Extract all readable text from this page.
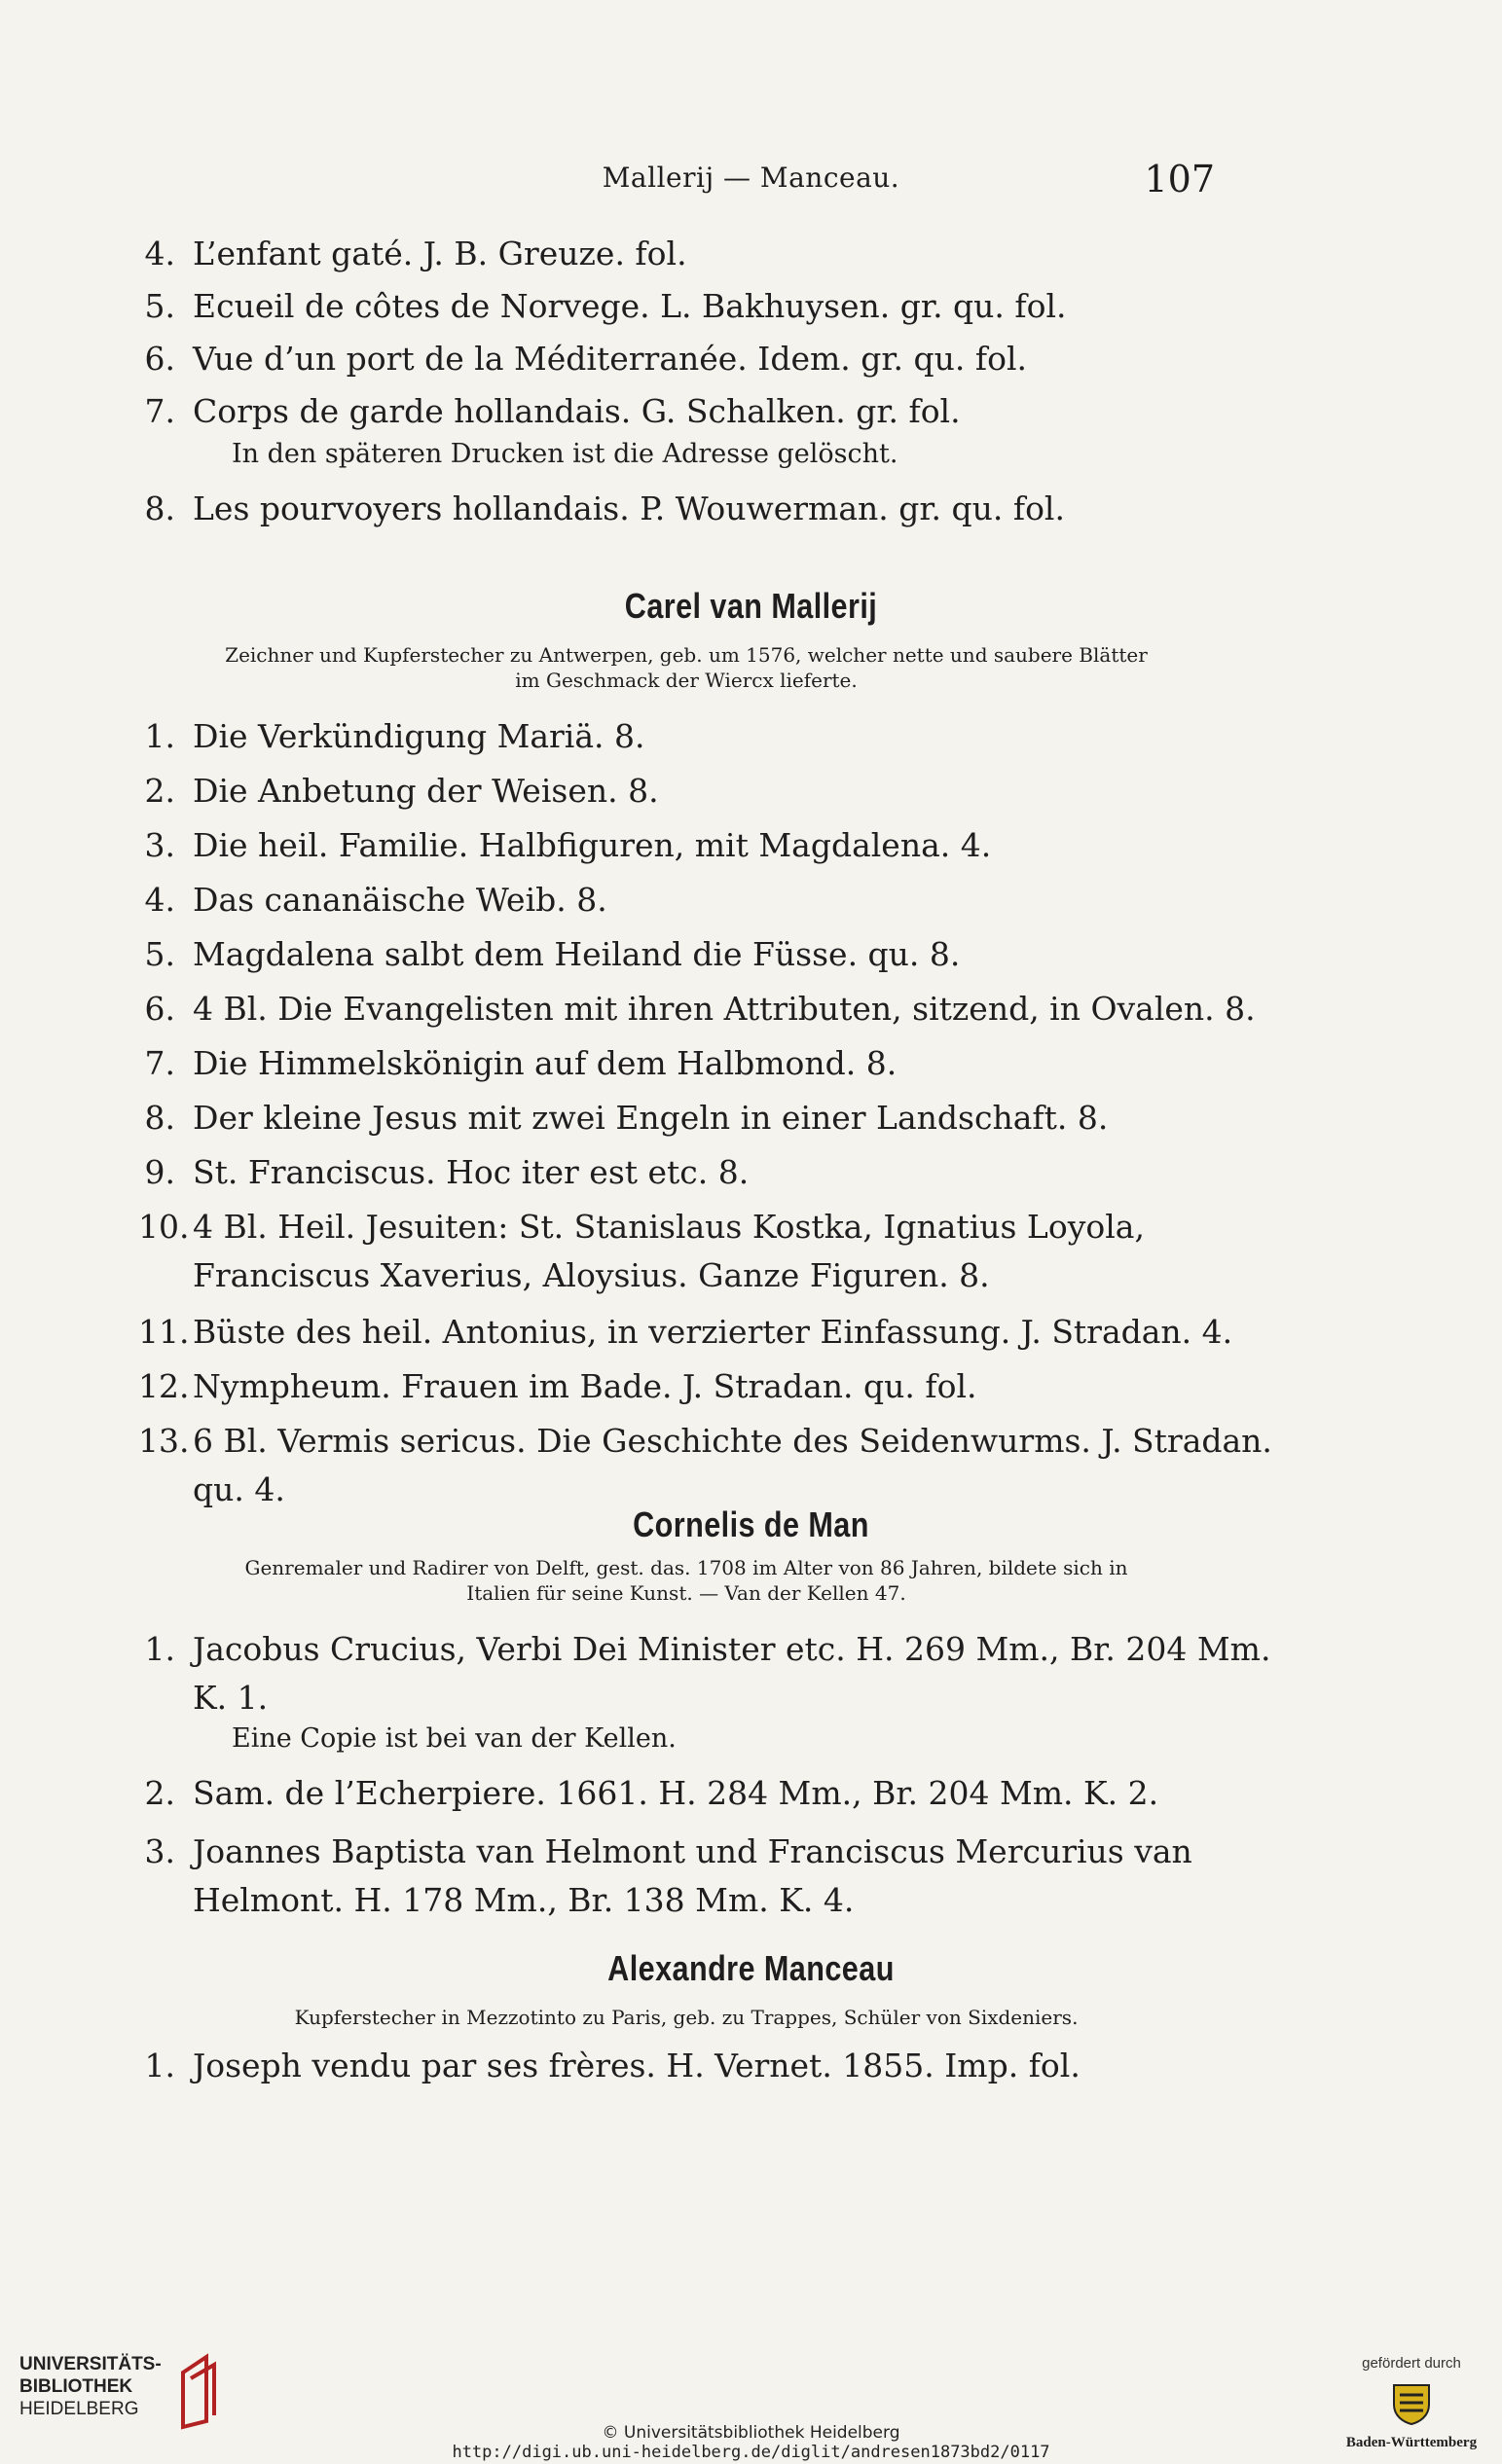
Mallerij — Manceau.	107
4. L’enfant gaté. J. B. Greuze. fol.
5. Ecueil de côtes de Norvege. L. Bakhuysen. gr. qu. fol.
6. Vue d’un port de la Méditerranée. Idem. gr. qu. fol.
7. Corps de garde hollandais. G. Schalken. gr. fol.
In den späteren Drucken ist die Adresse gelöscht.
8. Les pourvoyers hollandais. P. Wouwerman. gr. qu. fol.
Carel van Mallerij
Zeichner und Kupferstecher zu Antwerpen, geb. um 1576, welcher nette und saubere Blätter
im Geschmack der Wiercx lieferte.
1. Die Verkündigung Mariä. 8.
2. Die Anbetung der Weisen. 8.
3. Die heil. Familie. Halbfiguren, mit Magdalena. 4.
4. Das cananäische Weib. 8.
5. Magdalena salbt dem Heiland die Füsse. qu. 8.
6. 4 Bl. Die Evangelisten mit ihren Attributen, sitzend, in Ovalen. 8.
7. Die Himmelskönigin auf dem Halbmond. 8.
8. Der kleine Jesus mit zwei Engeln in einer Landschaft. 8.
9. St. Franciscus. Hoc iter est etc. 8.
10. 4 Bl. Heil. Jesuiten: St. Stanislaus Kostka, Ignatius Loyola,
Franciscus Xaverius, Aloysius. Ganze Figuren. 8.
11. Büste des heil. Antonius, in verzierter Einfassung. J. Stradan. 4.
12. Nympheum. Frauen im Bade. J. Stradan. qu. fol.
13. 6 Bl. Vermis sericus. Die Geschichte des Seidenwurms. J. Stradan.
qu. 4.
Cornelis de Man
Genremaler und Radirer von Delft, gest. das. 1708 im Alter von 86 Jahren, bildete sich in
Italien für seine Kunst. — Van der Kellen 47.
1. Jacobus Crucius, Verbi Dei Minister etc. H. 269 Mm., Br. 204 Mm.
K. 1.
Eine Copie ist bei van der Kellen.
2. Sam. de l’Echerpiere. 1661. H. 284 Mm., Br. 204 Mm. K. 2.
3. Joannes Baptista van Helmont und Franciscus Mercurius van
Helmont. H. 178 Mm., Br. 138 Mm. K. 4.
Alexandre Manceau
Kupferstecher in Mezzotinto zu Paris, geb. zu Trappes, Schüler von Sixdeniers.
1. Joseph vendu par ses frères. H. Vernet. 1855. Imp. fol.
UNIVERSITÄTS-
BIBLIOTHEK
HEIDELBERG
© Universitätsbibliothek Heidelberg
http://digi.ub.uni-heidelberg.de/diglit/andresen1873bd2/0117
gefördert durch
Baden-Württemberg
